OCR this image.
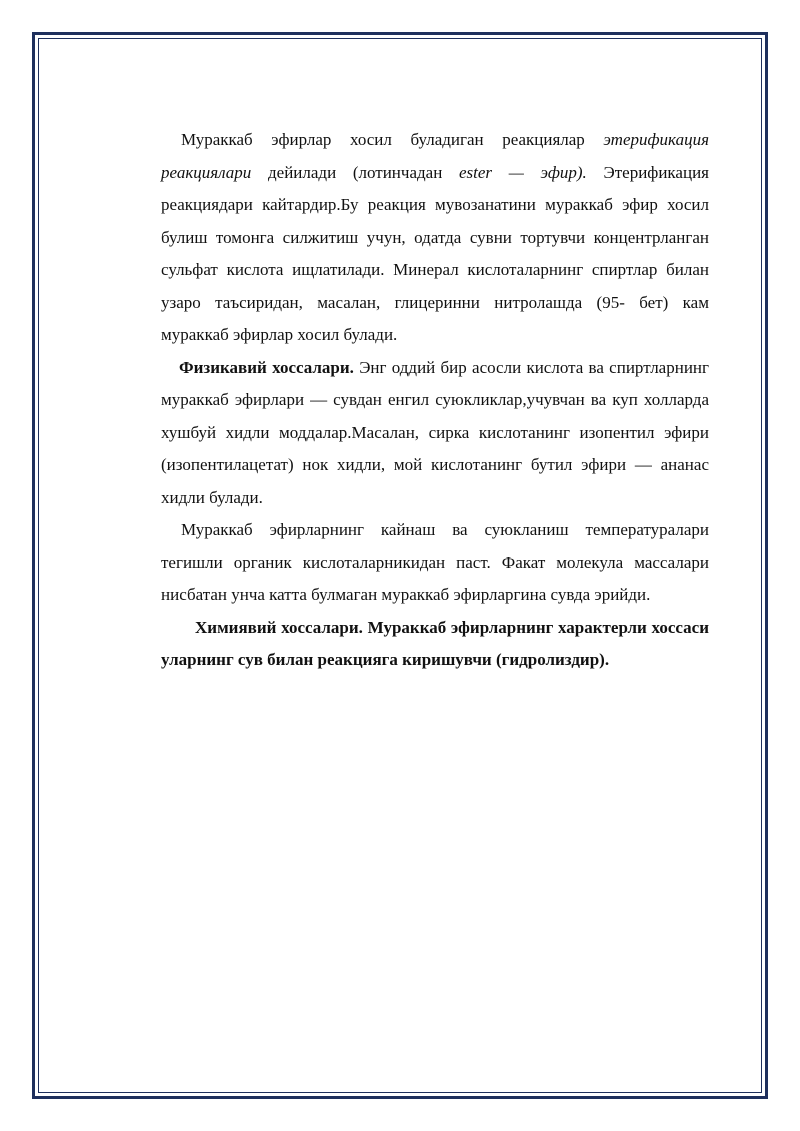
Мураккаб эфирлар хосил буладиган реакциялар этерификация реакциялари дейилади (лотинчадан ester — эфир). Этерификация реакциядари кайтардир.Бу реакция мувозанатини мураккаб эфир хосил булиш томонга силжитиш учун, одатда сувни тортувчи концентрланган сульфат кислота ищлатилади. Минерал кислоталарнинг спиртлар билан узаро таъсиридан, масалан, глицеринни нитролашда (95- бет) кам мураккаб эфирлар хосил булади.

Физикавий хоссалари. Энг оддий бир асосли кислота ва спиртларнинг мураккаб эфирлари — сувдан енгил суюкликлар,учувчан ва куп холларда хушбуй хидли моддалар.Масалан, сирка кислотанинг изопентил эфири (изопентилацетат) нок хидли, мой кислотанинг бутил эфири — ананас хидли булади.

Мураккаб эфирларнинг кайнаш ва суюкланиш температуралари тегишли органик кислоталарникидан паст. Факат молекула массалари нисбатан унча катта булмаган мураккаб эфирларгина сувда эрийди.

Химиявий хоссалари. Мураккаб эфирларнинг характерли хоссаси уларнинг сув билан реакцияга киришувчи (гидролиздир).
